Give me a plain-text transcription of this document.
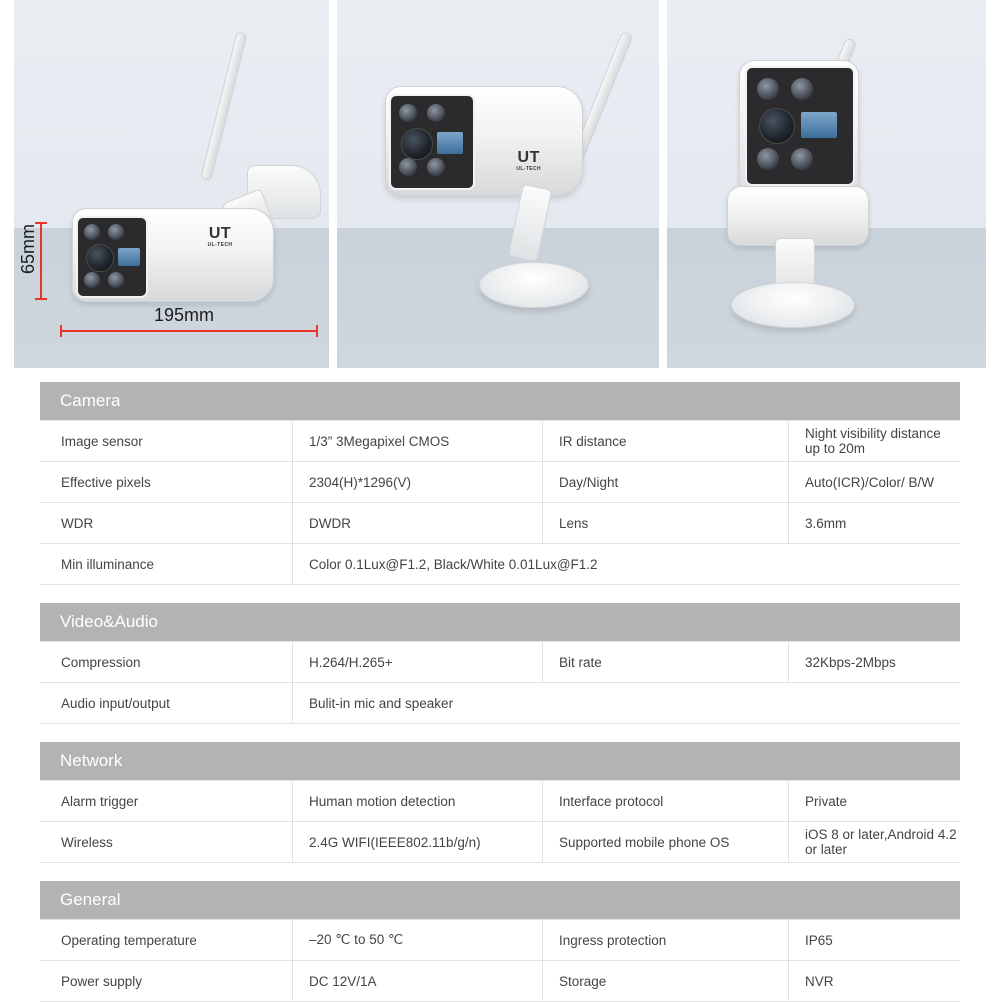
UT
UL-TECH
65mm
195mm
UT
UL-TECH
Camera
Image sensor	1/3” 3Megapixel CMOS	IR distance	Night visibility distance up to 20m
Effective pixels	2304(H)*1296(V)	Day/Night	Auto(ICR)/Color/ B/W
WDR	DWDR	Lens	3.6mm
Min illuminance	Color 0.1Lux@F1.2, Black/White 0.01Lux@F1.2		
Video&Audio
Compression	H.264/H.265+	Bit rate	32Kbps-2Mbps
Audio input/output	Bulit-in mic and speaker		
Network
Alarm trigger	Human motion detection	Interface protocol	Private
Wireless	2.4G WIFI(IEEE802.11b/g/n)	Supported mobile phone OS	iOS 8 or later,Android 4.2 or later
General
Operating temperature	–20 ℃ to 50 ℃	Ingress protection	IP65
Power supply	DC 12V/1A	Storage	NVR
